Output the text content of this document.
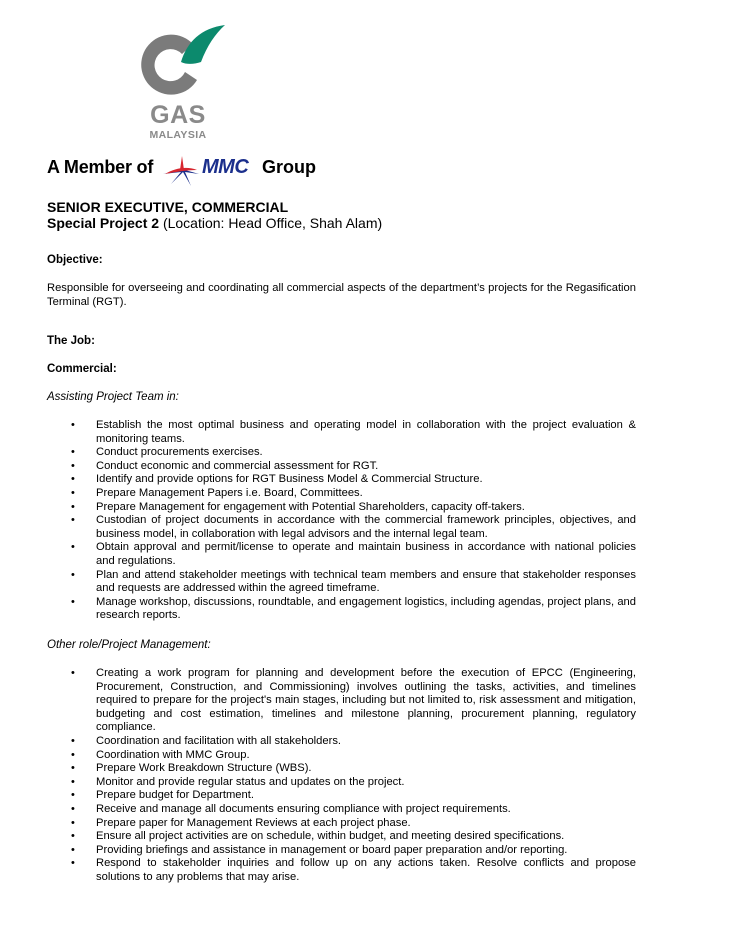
GAS
MALAYSIA
A Member of MMC Group
SENIOR EXECUTIVE, COMMERCIAL
Special Project 2 (Location: Head Office, Shah Alam)
Objective:
Responsible for overseeing and coordinating all commercial aspects of the department’s projects for the Regasification Terminal (RGT).
The Job:
Commercial:
Assisting Project Team in:
• Establish the most optimal business and operating model in collaboration with the project evaluation & monitoring teams.
• Conduct procurements exercises.
• Conduct economic and commercial assessment for RGT.
• Identify and provide options for RGT Business Model & Commercial Structure.
• Prepare Management Papers i.e. Board, Committees.
• Prepare Management for engagement with Potential Shareholders, capacity off-takers.
• Custodian of project documents in accordance with the commercial framework principles, objectives, and business model, in collaboration with legal advisors and the internal legal team.
• Obtain approval and permit/license to operate and maintain business in accordance with national policies and regulations.
• Plan and attend stakeholder meetings with technical team members and ensure that stakeholder responses and requests are addressed within the agreed timeframe.
• Manage workshop, discussions, roundtable, and engagement logistics, including agendas, project plans, and research reports.
Other role/Project Management:
• Creating a work program for planning and development before the execution of EPCC (Engineering, Procurement, Construction, and Commissioning) involves outlining the tasks, activities, and timelines required to prepare for the project's main stages, including but not limited to, risk assessment and mitigation, budgeting and cost estimation, timelines and milestone planning, procurement planning, regulatory compliance.
• Coordination and facilitation with all stakeholders.
• Coordination with MMC Group.
• Prepare Work Breakdown Structure (WBS).
• Monitor and provide regular status and updates on the project.
• Prepare budget for Department.
• Receive and manage all documents ensuring compliance with project requirements.
• Prepare paper for Management Reviews at each project phase.
• Ensure all project activities are on schedule, within budget, and meeting desired specifications.
• Providing briefings and assistance in management or board paper preparation and/or reporting.
• Respond to stakeholder inquiries and follow up on any actions taken. Resolve conflicts and propose solutions to any problems that may arise.
